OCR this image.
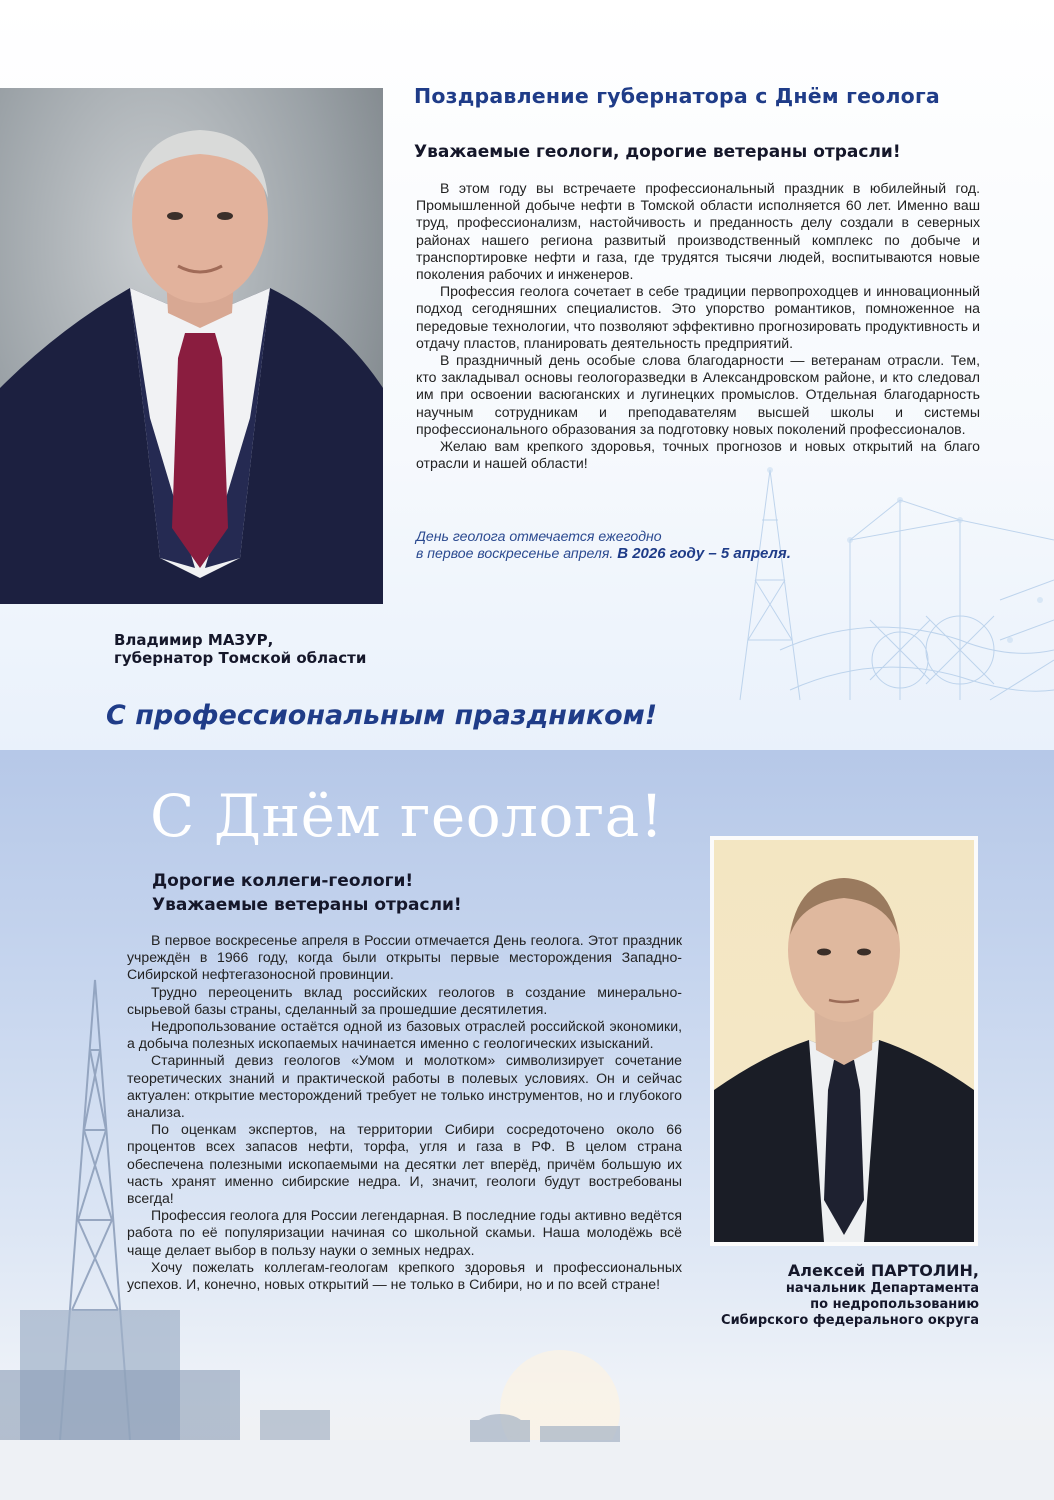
Поздравление губернатора с Днём геолога
Уважаемые геологи, дорогие ветераны отрасли!

В этом году вы встречаете профессиональный праздник в юбилейный год. Промышленной добыче нефти в Томской области исполняется 60 лет. Именно ваш труд, профессионализм, настойчивость и преданность делу создали в северных районах нашего региона развитый производственный комплекс по добыче и транспортировке нефти и газа, где трудятся тысячи людей, воспитываются новые поколения рабочих и инженеров.

Профессия геолога сочетает в себе традиции первопроходцев и инновационный подход сегодняшних специалистов. Это упорство романтиков, помноженное на передовые технологии, что позволяют эффективно прогнозировать продуктивность и отдачу пластов, планировать деятельность предприятий.

В праздничный день особые слова благодарности — ветеранам отрасли. Тем, кто закладывал основы геологоразведки в Александровском районе, и кто следовал им при освоении васюганских и лугинецких промыслов. Отдельная благодарность научным сотрудникам и преподавателям высшей школы и системы профессионального образования за подготовку новых поколений профессионалов.

Желаю вам крепкого здоровья, точных прогнозов и новых открытий на благо отрасли и нашей области!

День геолога отмечается ежегодно
в первое воскресенье апреля. В 2026 году – 5 апреля.
Владимир МАЗУР,
губернатор Томской области
С профессиональным праздником!
С Днём геолога!
Дорогие коллеги-геологи!
Уважаемые ветераны отрасли!

В первое воскресенье апреля в России отмечается День геолога. Этот праздник учреждён в 1966 году, когда были открыты первые месторождения Западно-Сибирской нефтегазоносной провинции.

Трудно переоценить вклад российских геологов в создание минерально-сырьевой базы страны, сделанный за прошедшие десятилетия.

Недропользование остаётся одной из базовых отраслей российской экономики, а добыча полезных ископаемых начинается именно с геологических изысканий.

Старинный девиз геологов «Умом и молотком» символизирует сочетание теоретических знаний и практической работы в полевых условиях. Он и сейчас актуален: открытие месторождений требует не только инструментов, но и глубокого анализа.

По оценкам экспертов, на территории Сибири сосредоточено около 66 процентов всех запасов нефти, торфа, угля и газа в РФ. В целом страна обеспечена полезными ископаемыми на десятки лет вперёд, причём большую их часть хранят именно сибирские недра. И, значит, геологи будут востребованы всегда!

Профессия геолога для России легендарная. В последние годы активно ведётся работа по её популяризации начиная со школьной скамьи. Наша молодёжь всё чаще делает выбор в пользу науки о земных недрах.

Хочу пожелать коллегам-геологам крепкого здоровья и профессиональных успехов. И, конечно, новых открытий — не только в Сибири, но и по всей стране!

Алексей ПАРТОЛИН,
начальник Департамента
по недропользованию
Сибирского федерального округа
